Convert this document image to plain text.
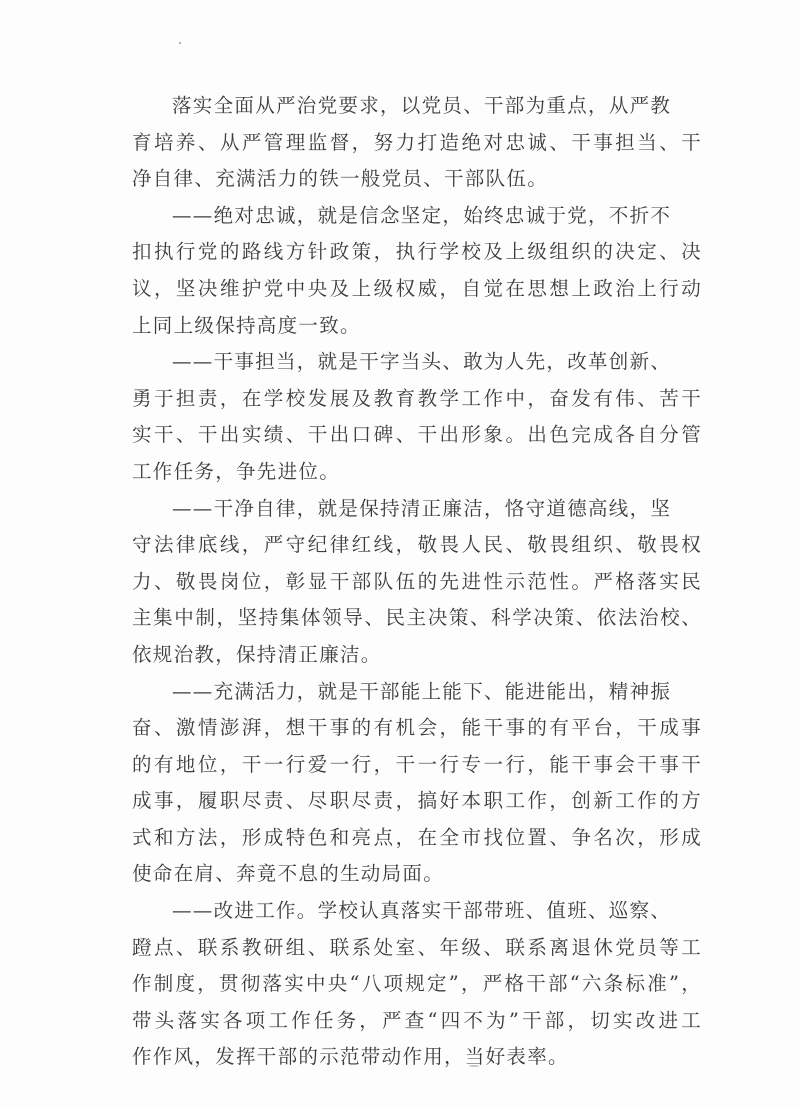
落实全面从严治党要求，以党员、干部为重点，从严教
育培养、从严管理监督，努力打造绝对忠诚、干事担当、干
净自律、充满活力的铁一般党员、干部队伍。
——绝对忠诚，就是信念坚定，始终忠诚于党，不折不
扣执行党的路线方针政策，执行学校及上级组织的决定、决
议，坚决维护党中央及上级权威，自觉在思想上政治上行动
上同上级保持高度一致。
——干事担当，就是干字当头、敢为人先，改革创新、
勇于担责，在学校发展及教育教学工作中，奋发有伟、苦干
实干、干出实绩、干出口碑、干出形象。出色完成各自分管
工作任务，争先进位。
——干净自律，就是保持清正廉洁，恪守道德高线，坚
守法律底线，严守纪律红线，敬畏人民、敬畏组织、敬畏权
力、敬畏岗位，彰显干部队伍的先进性示范性。严格落实民
主集中制，坚持集体领导、民主决策、科学决策、依法治校、
依规治教，保持清正廉洁。
——充满活力，就是干部能上能下、能进能出，精神振
奋、激情澎湃，想干事的有机会，能干事的有平台，干成事
的有地位，干一行爱一行，干一行专一行，能干事会干事干
成事，履职尽责、尽职尽责，搞好本职工作，创新工作的方
式和方法，形成特色和亮点，在全市找位置、争名次，形成
使命在肩、奔竟不息的生动局面。
——改进工作。学校认真落实干部带班、值班、巡察、
蹬点、联系教研组、联系处室、年级、联系离退休党员等工
作制度，贯彻落实中央“八项规定”，严格干部“六条标准”，
带头落实各项工作任务，严查“四不为”干部，切实改进工
作作风，发挥干部的示范带动作用，当好表率。
